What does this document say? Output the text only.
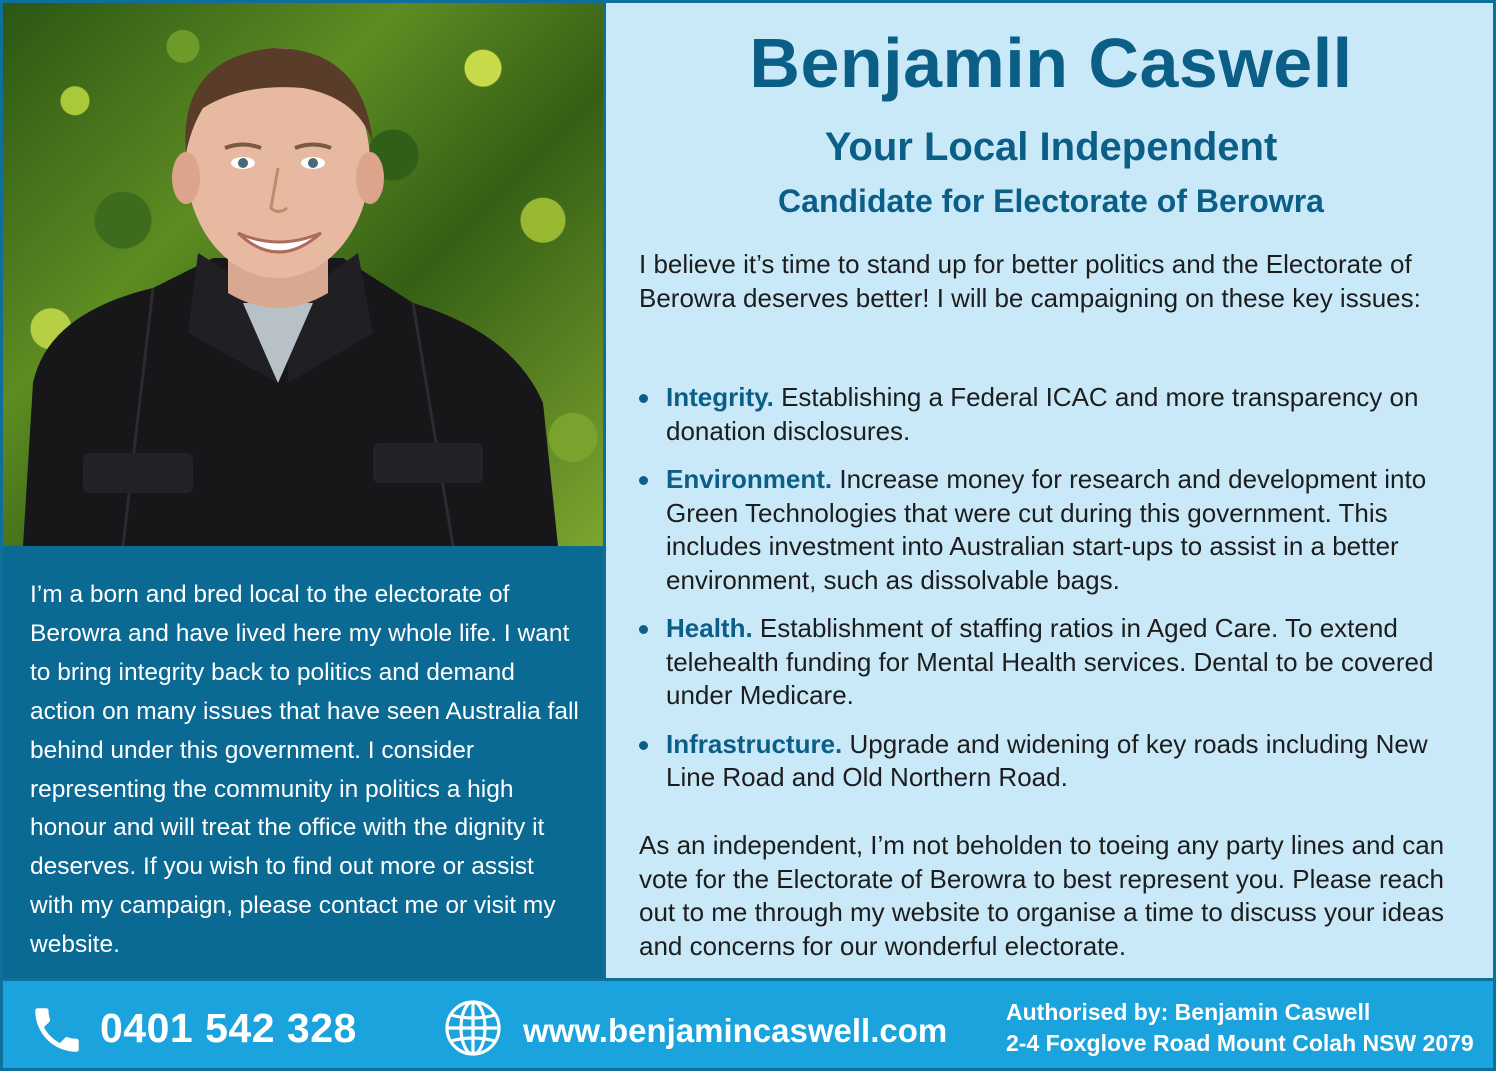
I’m a born and bred local to the electorate of Berowra and have lived here my whole life. I want to bring integrity back to politics and demand action on many issues that have seen Australia fall behind under this government. I consider representing the community in politics a high honour and will treat the office with the dignity it deserves. If you wish to find out more or assist with my campaign, please contact me or visit my website.

Benjamin Caswell
Your Local Independent
Candidate for Electorate of Berowra

I believe it’s time to stand up for better politics and the Electorate of Berowra deserves better! I will be campaigning on these key issues:

Integrity. Establishing a Federal ICAC and more transparency on donation disclosures.
Environment. Increase money for research and development into Green Technologies that were cut during this government. This includes investment into Australian start-ups to assist in a better environment, such as dissolvable bags.
Health. Establishment of staffing ratios in Aged Care. To extend telehealth funding for Mental Health services. Dental to be covered under Medicare.
Infrastructure. Upgrade and widening of key roads including New Line Road and Old Northern Road.

As an independent, I’m not beholden to toeing any party lines and can vote for the Electorate of Berowra to best represent you. Please reach out to me through my website to organise a time to discuss your ideas and concerns for our wonderful electorate.

0401 542 328	www.benjamincaswell.com	Authorised by: Benjamin Caswell
2-4 Foxglove Road Mount Colah NSW 2079
